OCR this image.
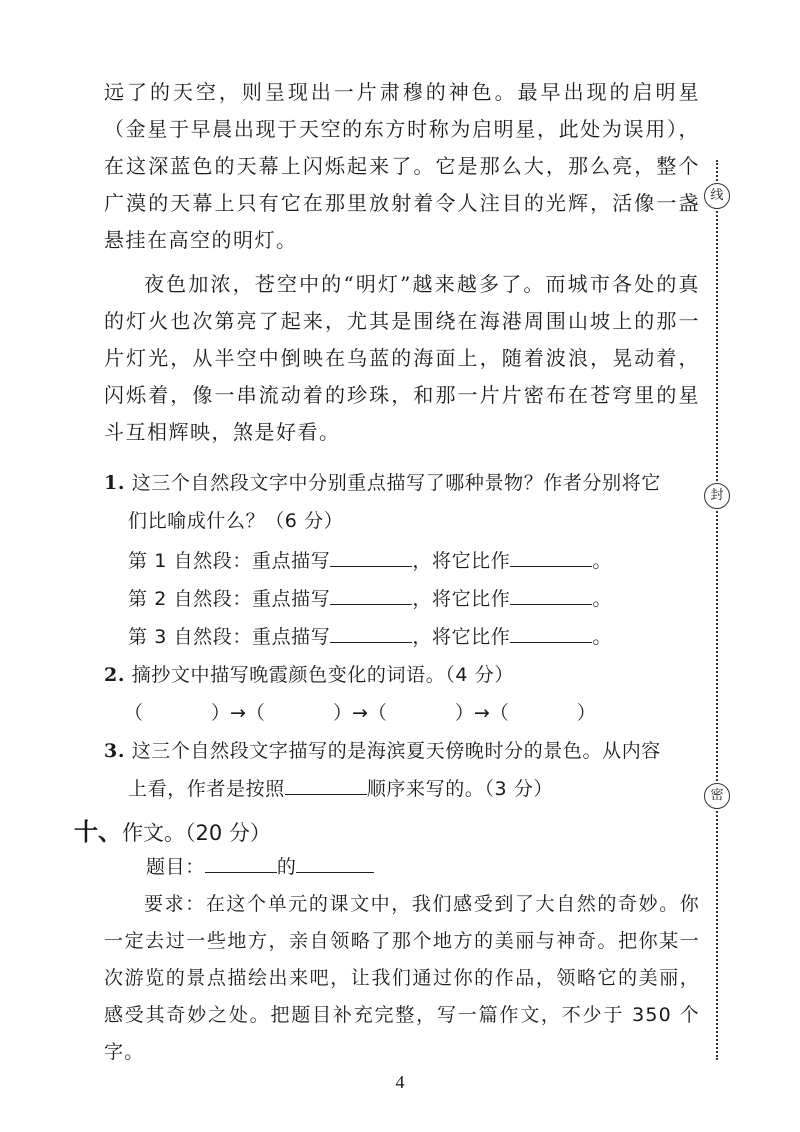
远了的天空，则呈现出一片肃穆的神色。最早出现的启明星（金星于早晨出现于天空的东方时称为启明星，此处为误用），在这深蓝色的天幕上闪烁起来了。它是那么大，那么亮，整个广漠的天幕上只有它在那里放射着令人注目的光辉，活像一盏悬挂在高空的明灯。
夜色加浓，苍空中的“明灯”越来越多了。而城市各处的真的灯火也次第亮了起来，尤其是围绕在海港周围山坡上的那一片灯光，从半空中倒映在乌蓝的海面上，随着波浪，晃动着，闪烁着，像一串流动着的珍珠，和那一片片密布在苍穹里的星斗互相辉映，煞是好看。
1. 这三个自然段文字中分别重点描写了哪种景物？作者分别将它
们比喻成什么？（6 分）
第 1 自然段：重点描写	，将它比作	。
第 2 自然段：重点描写	，将它比作	。
第 3 自然段：重点描写	，将它比作	。
2. 摘抄文中描写晚霞颜色变化的词语。（4 分）
（	）→（	）→（	）→（	）
3. 这三个自然段文字描写的是海滨夏天傍晚时分的景色。从内容
上看，作者是按照	顺序来写的。（3 分）
十、作文。（20 分）
题目：	的
要求：在这个单元的课文中，我们感受到了大自然的奇妙。你一定去过一些地方，亲自领略了那个地方的美丽与神奇。把你某一次游览的景点描绘出来吧，让我们通过你的作品，领略它的美丽，感受其奇妙之处。把题目补充完整，写一篇作文，不少于 350 个字。
线
封
密
4
